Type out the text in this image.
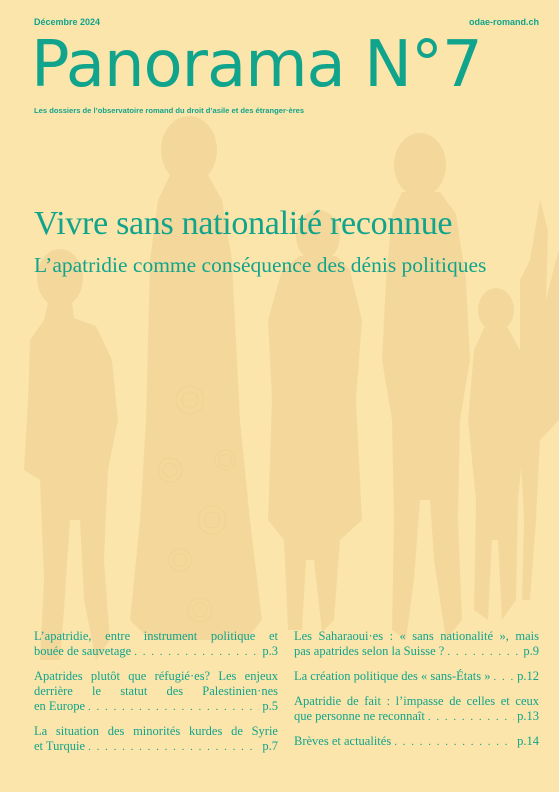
Décembre 2024	odae-romand.ch
Panorama N°7
Les dossiers de l’observatoire romand du droit d’asile et des étranger·ères
Vivre sans nationalité reconnue
L’apatridie comme conséquence des dénis politiques
L’apatridie, entre instrument politique et
bouée de sauvetage . . .	p.3
Apatrides plutôt que réfugié·es? Les enjeux
derrière le statut des Palestinien·nes
en Europe . . .	p.5
La situation des minorités kurdes de Syrie
et Turquie . . .	p.7
Les Saharaoui·es : « sans nationalité », mais
pas apatrides selon la Suisse ? . . .	p.9
La création politique des « sans-États » . . . p.12
Apatridie de fait : l’impasse de celles et ceux
que personne ne reconnaît . . .	p.13
Brèves et actualités . . .	p.14
